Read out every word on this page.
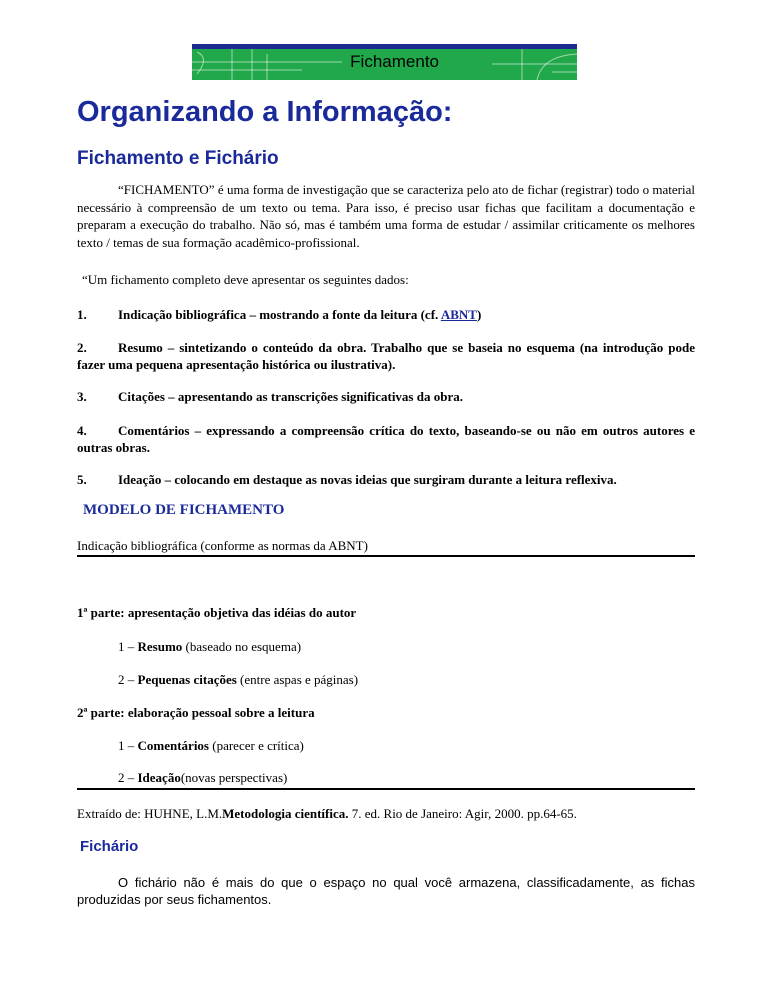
Fichamento
Organizando a Informação:
Fichamento e Fichário

“FICHAMENTO” é uma forma de investigação que se caracteriza pelo ato de fichar (registrar) todo o material necessário à compreensão de um texto ou tema. Para isso, é preciso usar fichas que facilitam a documentação e preparam a execução do trabalho. Não só, mas é também uma forma de estudar / assimilar criticamente os melhores texto / temas de sua formação acadêmico-profissional.

“Um fichamento completo deve apresentar os seguintes dados:

1. Indicação bibliográfica – mostrando a fonte da leitura (cf. ABNT)

2. Resumo – sintetizando o conteúdo da obra. Trabalho que se baseia no esquema (na introdução pode fazer uma pequena apresentação histórica ou ilustrativa).

3. Citações – apresentando as transcrições significativas da obra.

4. Comentários – expressando a compreensão crítica do texto, baseando-se ou não em outros autores e outras obras.

5. Ideação – colocando em destaque as novas ideias que surgiram durante a leitura reflexiva.

MODELO DE FICHAMENTO

Indicação bibliográfica (conforme as normas da ABNT)

1ª parte: apresentação objetiva das idéias do autor

1 – Resumo (baseado no esquema)

2 – Pequenas citações (entre aspas e páginas)

2ª parte: elaboração pessoal sobre a leitura

1 – Comentários (parecer e crítica)

2 – Ideação(novas perspectivas)

Extraído de: HUHNE, L.M.Metodologia científica. 7. ed. Rio de Janeiro: Agir, 2000. pp.64-65.

Fichário

O fichário não é mais do que o espaço no qual você armazena, classificadamente, as fichas produzidas por seus fichamentos.
